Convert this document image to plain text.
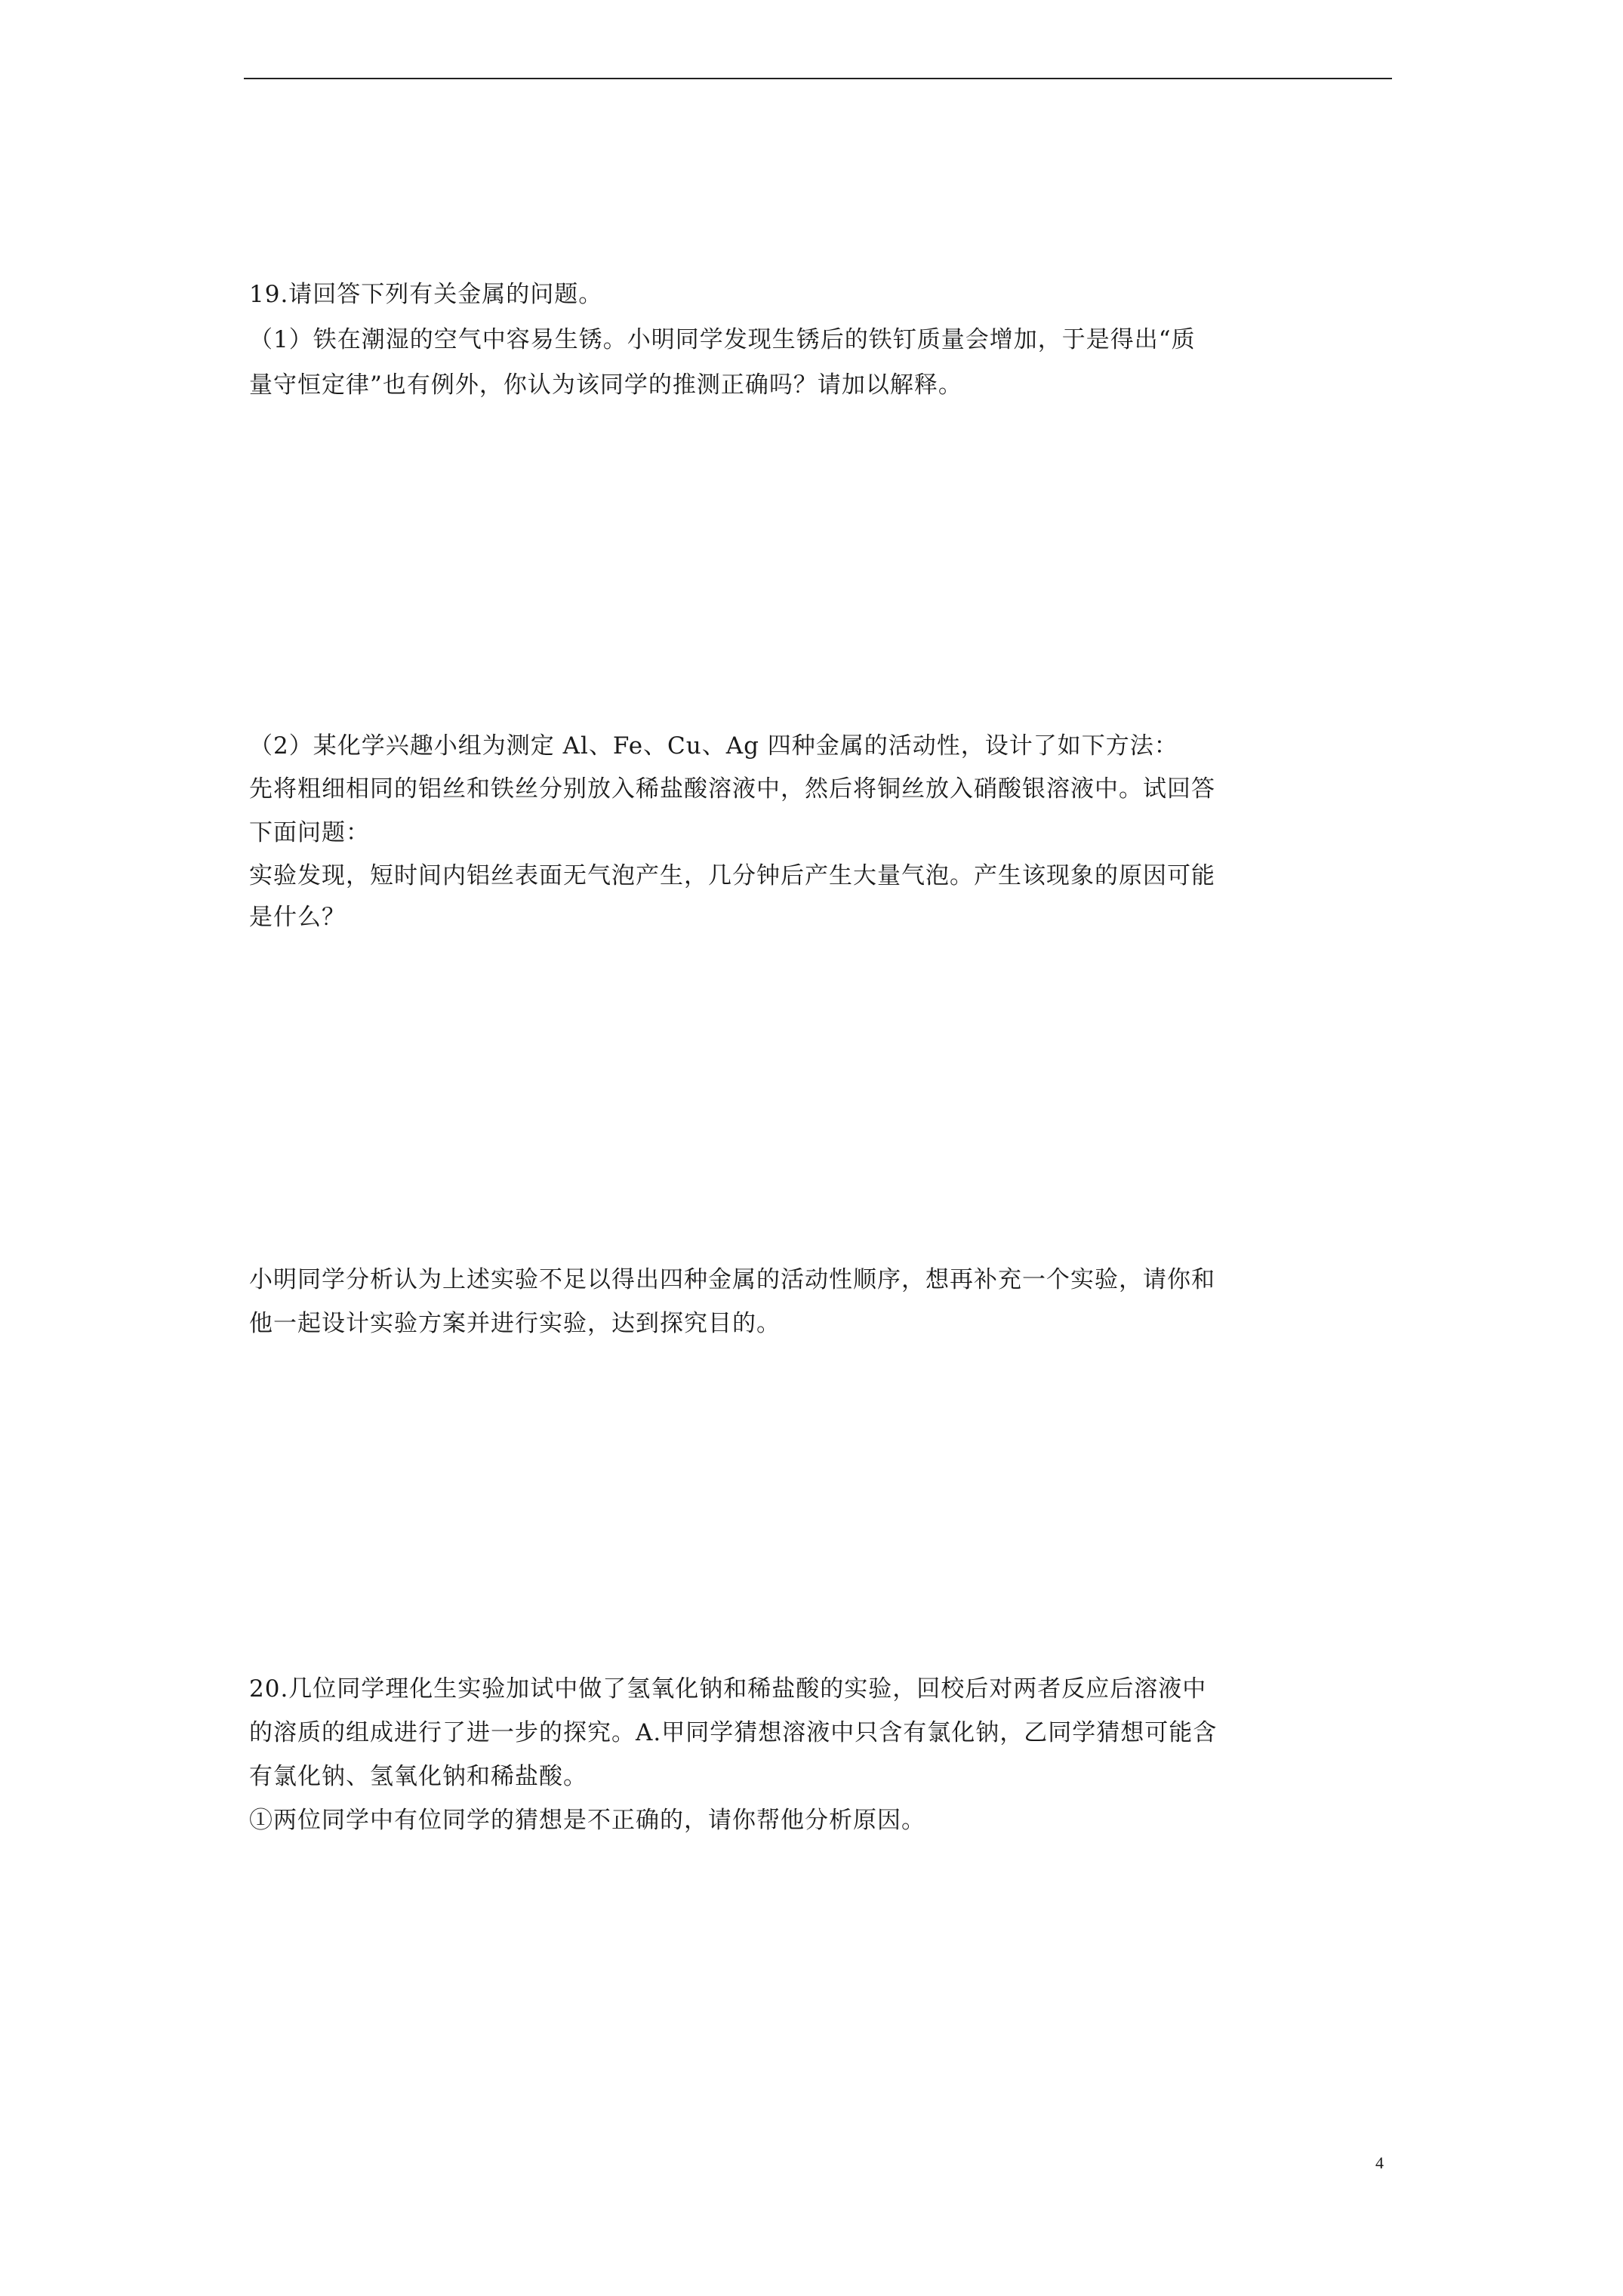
19.请回答下列有关金属的问题。
（1）铁在潮湿的空气中容易生锈。小明同学发现生锈后的铁钉质量会增加，于是得出“质
量守恒定律”也有例外，你认为该同学的推测正确吗？请加以解释。
（2）某化学兴趣小组为测定 Al、Fe、Cu、Ag 四种金属的活动性，设计了如下方法：
先将粗细相同的铝丝和铁丝分别放入稀盐酸溶液中，然后将铜丝放入硝酸银溶液中。试回答
下面问题：
实验发现，短时间内铝丝表面无气泡产生，几分钟后产生大量气泡。产生该现象的原因可能
是什么？
小明同学分析认为上述实验不足以得出四种金属的活动性顺序，想再补充一个实验，请你和
他一起设计实验方案并进行实验，达到探究目的。
20.几位同学理化生实验加试中做了氢氧化钠和稀盐酸的实验，回校后对两者反应后溶液中
的溶质的组成进行了进一步的探究。A.甲同学猜想溶液中只含有氯化钠，乙同学猜想可能含
有氯化钠、氢氧化钠和稀盐酸。
①两位同学中有位同学的猜想是不正确的，请你帮他分析原因。
4
